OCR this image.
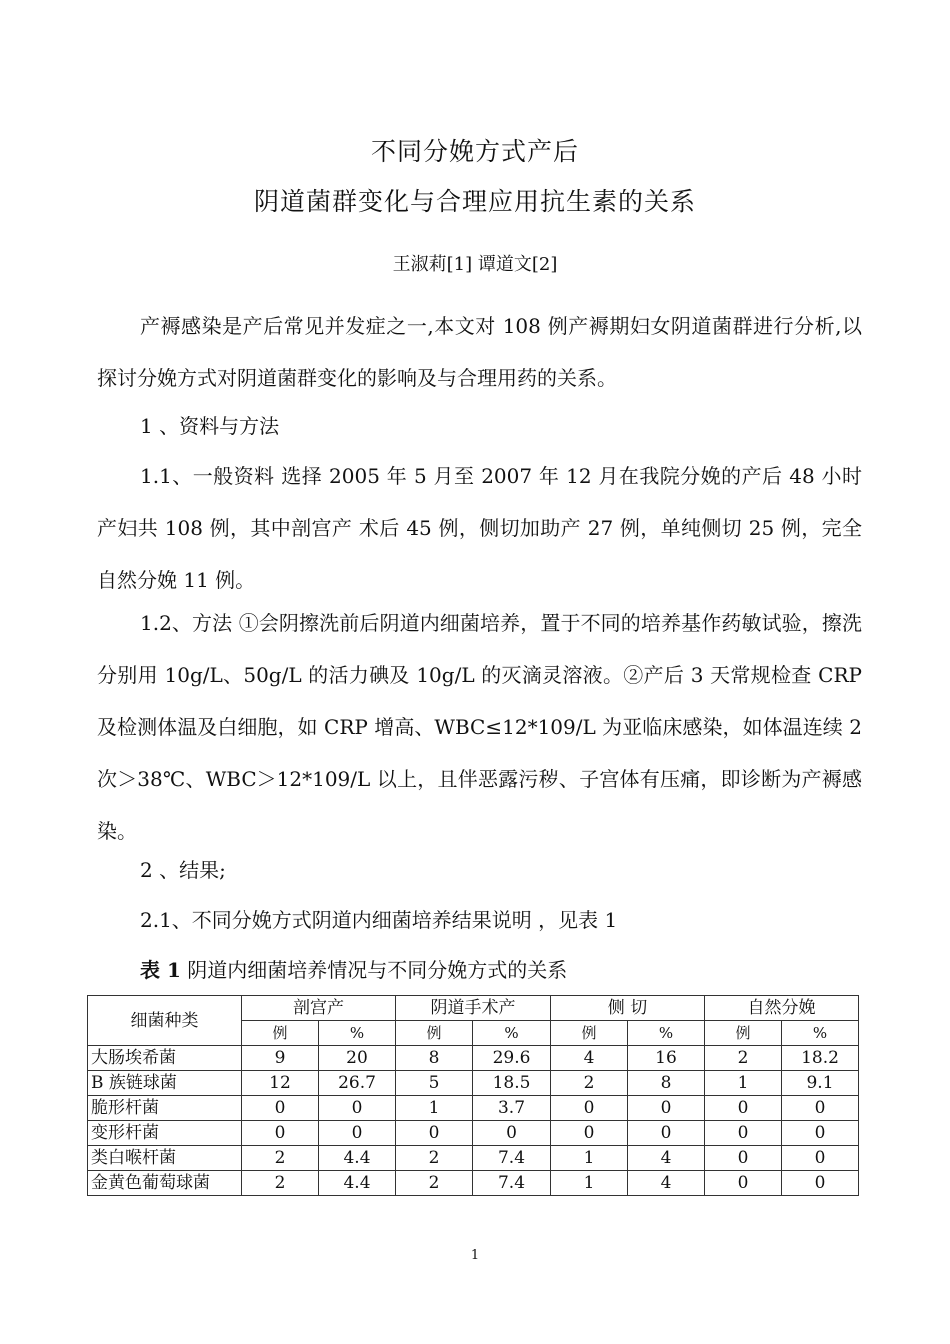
不同分娩方式产后
阴道菌群变化与合理应用抗生素的关系
王淑莉[1] 谭道文[2]

产褥感染是产后常见并发症之一,本文对 108 例产褥期妇女阴道菌群进行分析,以探讨分娩方式对阴道菌群变化的影响及与合理用药的关系。

1 、资料与方法

1.1、一般资料 选择 2005 年 5 月至 2007 年 12 月在我院分娩的产后 48 小时产妇共 108 例，其中剖宫产 术后 45 例，侧切加助产 27 例，单纯侧切 25 例，完全自然分娩 11 例。

1.2、方法 ①会阴擦洗前后阴道内细菌培养，置于不同的培养基作药敏试验，擦洗分别用 10g/L、50g/L 的活力碘及 10g/L 的灭滴灵溶液。②产后 3 天常规检查 CRP 及检测体温及白细胞，如 CRP 增高、WBC≤12*109/L 为亚临床感染，如体温连续 2 次＞38℃、WBC＞12*109/L 以上，且伴恶露污秽、子宫体有压痛，即诊断为产褥感染。

2 、结果;

2.1、不同分娩方式阴道内细菌培养结果说明 ，见表 1

表 1 阴道内细菌培养情况与不同分娩方式的关系
细菌种类	剖宫产		阴道手术产		侧 切		自然分娩	
	例	%	例	%	例	%	例	%
大肠埃希菌	9	20	8	29.6	4	16	2	18.2
B 族链球菌	12	26.7	5	18.5	2	8	1	9.1
脆形杆菌	0	0	1	3.7	0	0	0	0
变形杆菌	0	0	0	0	0	0	0	0
类白喉杆菌	2	4.4	2	7.4	1	4	0	0
金黄色葡萄球菌	2	4.4	2	7.4	1	4	0	0
1
